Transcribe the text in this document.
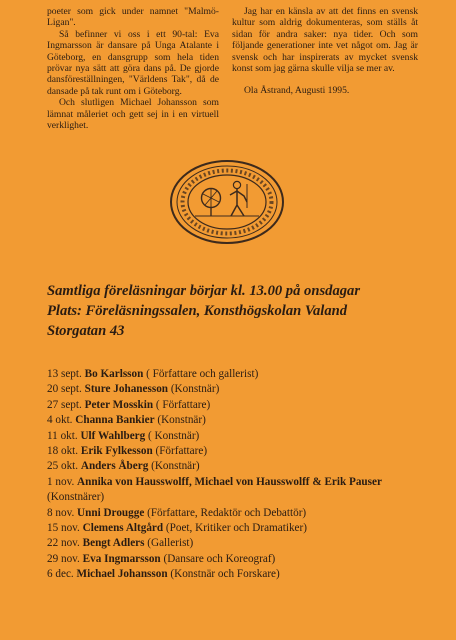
poeter som gick under namnet "Malmö-Ligan".

Så befinner vi oss i ett 90-tal: Eva Ingmarsson är dansare på Unga Atalante i Göteborg, en dansgrupp som hela tiden prövar nya sätt att göra dans på. De gjorde dansföreställningen, "Världens Tak", då de dansade på tak runt om i Göteborg.

Och slutligen Michael Johansson som lämnat måleriet och gett sej in i en virtuell verklighet.

Jag har en känsla av att det finns en svensk kultur som aldrig dokumenteras, som ställs åt sidan för andra saker: nya tider. Och som följande generationer inte vet något om. Jag är svensk och har inspirerats av mycket svensk konst som jag gärna skulle vilja se mer av.

Ola Åstrand, Augusti 1995.

Samtliga föreläsningar börjar kl. 13.00 på onsdagar
Plats: Föreläsningssalen, Konsthögskolan Valand
Storgatan 43
13 sept. Bo Karlsson ( Författare och gallerist)
20 sept. Sture Johanesson (Konstnär)
27 sept. Peter Mosskin ( Författare)
4 okt. Channa Bankier (Konstnär)
11 okt. Ulf Wahlberg ( Konstnär)
18 okt. Erik Fylkesson (Författare)
25 okt. Anders Åberg (Konstnär)
1 nov. Annika von Hausswolff, Michael von Hausswolff & Erik Pauser (Konstnärer)
8 nov. Unni Drougge (Författare, Redaktör och Debattör)
15 nov. Clemens Altgård (Poet, Kritiker och Dramatiker)
22 nov. Bengt Adlers (Gallerist)
29 nov. Eva Ingmarsson (Dansare och Koreograf)
6 dec. Michael Johansson (Konstnär och Forskare)
